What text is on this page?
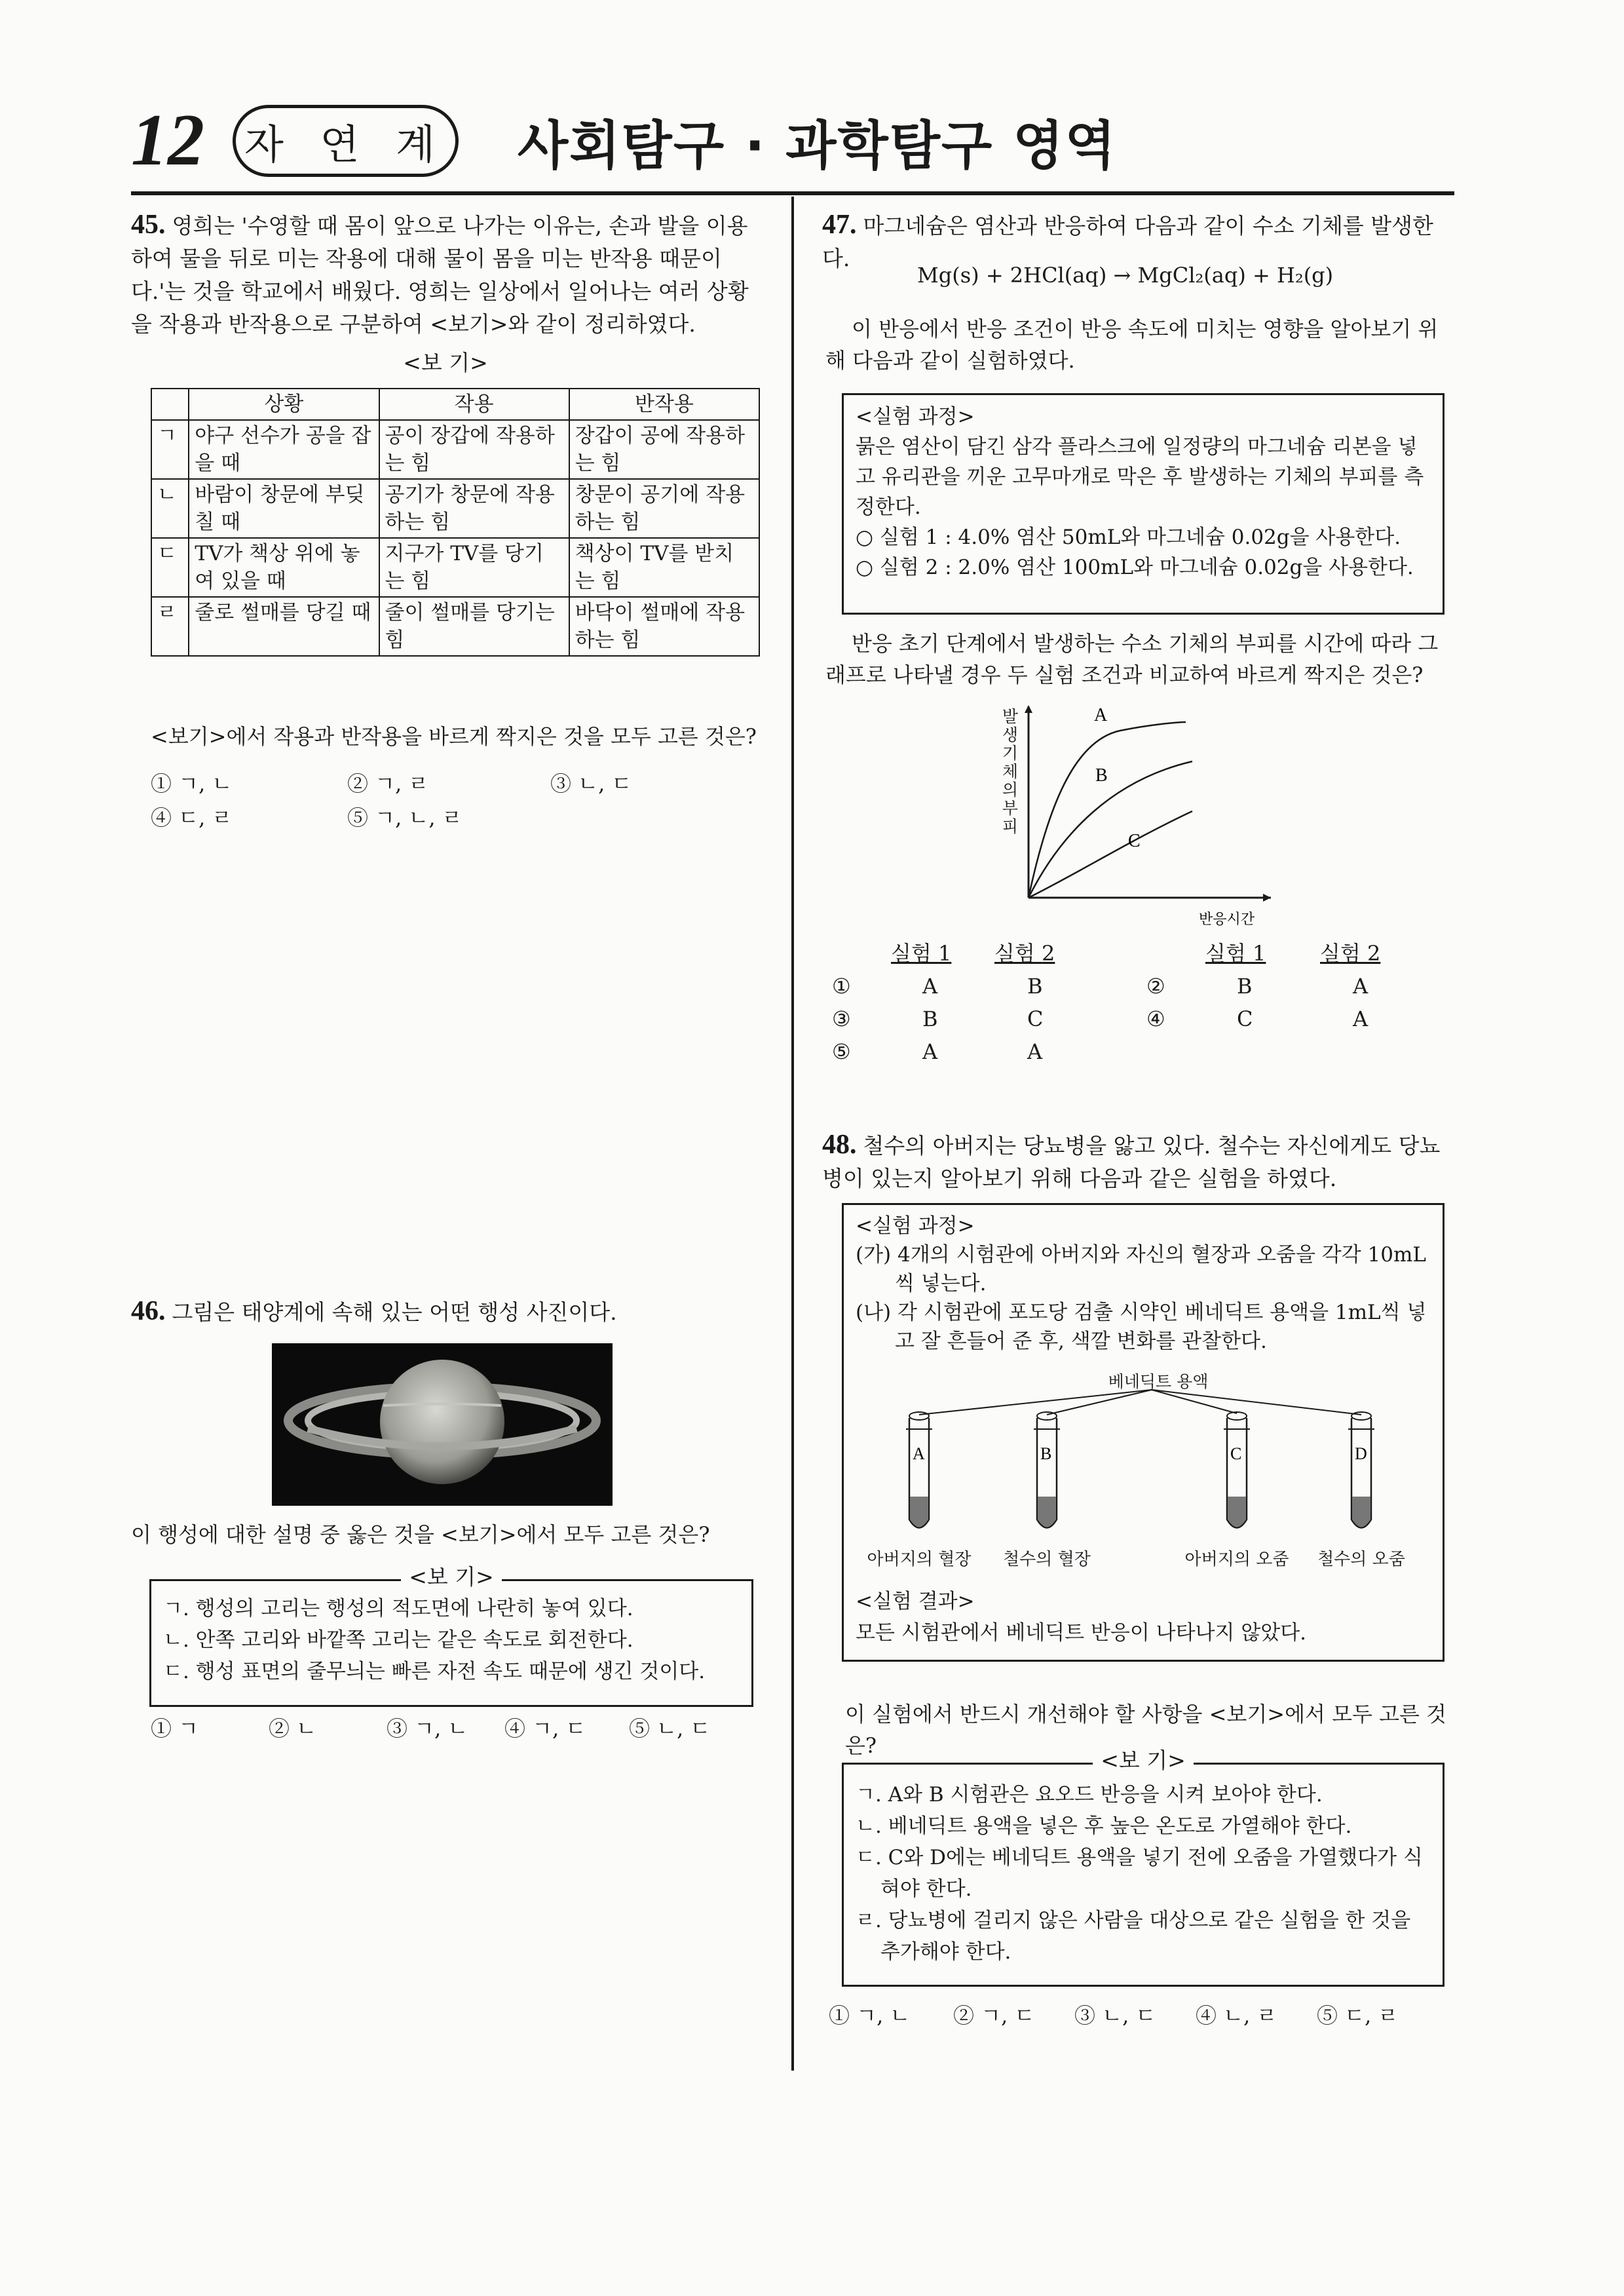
12 자 연 계 사회탐구 · 과학탐구 영역
45. 영희는 '수영할 때 몸이 앞으로 나가는 이유는, 손과 발을 이용하여 물을 뒤로 미는 작용에 대해 물이 몸을 미는 반작용 때문이다.'는 것을 학교에서 배웠다. 영희는 일상에서 일어나는 여러 상황을 작용과 반작용으로 구분하여 <보기>와 같이 정리하였다.
<보 기>
	상황	작용	반작용
ㄱ	야구 선수가 공을 잡을 때	공이 장갑에 작용하는 힘	장갑이 공에 작용하는 힘
ㄴ	바람이 창문에 부딪칠 때	공기가 창문에 작용하는 힘	창문이 공기에 작용하는 힘
ㄷ	TV가 책상 위에 놓여 있을 때	지구가 TV를 당기는 힘	책상이 TV를 받치는 힘
ㄹ	줄로 썰매를 당길 때	줄이 썰매를 당기는 힘	바닥이 썰매에 작용하는 힘
<보기>에서 작용과 반작용을 바르게 짝지은 것을 모두 고른 것은?
① ㄱ, ㄴ	② ㄱ, ㄹ	③ ㄴ, ㄷ
④ ㄷ, ㄹ	⑤ ㄱ, ㄴ, ㄹ
46. 그림은 태양계에 속해 있는 어떤 행성 사진이다.
이 행성에 대한 설명 중 옳은 것을 <보기>에서 모두 고른 것은?
<보 기>
ㄱ. 행성의 고리는 행성의 적도면에 나란히 놓여 있다.
ㄴ. 안쪽 고리와 바깥쪽 고리는 같은 속도로 회전한다.
ㄷ. 행성 표면의 줄무늬는 빠른 자전 속도 때문에 생긴 것이다.
① ㄱ	② ㄴ	③ ㄱ, ㄴ ④ ㄱ, ㄷ ⑤ ㄴ, ㄷ
47. 마그네슘은 염산과 반응하여 다음과 같이 수소 기체를 발생한다.
Mg(s) + 2HCl(aq) → MgCl₂(aq) + H₂(g)
이 반응에서 반응 조건이 반응 속도에 미치는 영향을 알아보기 위해 다음과 같이 실험하였다.
<실험 과정>
묽은 염산이 담긴 삼각 플라스크에 일정량의 마그네슘 리본을 넣고 유리관을 끼운 고무마개로 막은 후 발생하는 기체의 부피를 측정한다.
○ 실험 1 : 4.0% 염산 50mL와 마그네슘 0.02g을 사용한다.
○ 실험 2 : 2.0% 염산 100mL와 마그네슘 0.02g을 사용한다.
반응 초기 단계에서 발생하는 수소 기체의 부피를 시간에 따라 그래프로 나타낼 경우 두 실험 조건과 비교하여 바르게 짝지은 것은?
A
B
C
반응시간
발생기체의 부피
실험 1 실험 2	실험 1	실험 2
①	A	B	②	B	A
③	B	C	④	C	A
⑤	A	A
48. 철수의 아버지는 당뇨병을 앓고 있다. 철수는 자신에게도 당뇨병이 있는지 알아보기 위해 다음과 같은 실험을 하였다.
<실험 과정>
(가) 4개의 시험관에 아버지와 자신의 혈장과 오줌을 각각 10mL씩 넣는다.
(나) 각 시험관에 포도당 검출 시약인 베네딕트 용액을 1mL씩 넣고 잘 흔들어 준 후, 색깔 변화를 관찰한다.
베네딕트 용액
A	B	C	D
아버지의 혈장	철수의 혈장	아버지의 오줌	철수의 오줌
<실험 결과>
모든 시험관에서 베네딕트 반응이 나타나지 않았다.
이 실험에서 반드시 개선해야 할 사항을 <보기>에서 모두 고른 것은?
<보 기>
ㄱ. A와 B 시험관은 요오드 반응을 시켜 보아야 한다.
ㄴ. 베네딕트 용액을 넣은 후 높은 온도로 가열해야 한다.
ㄷ. C와 D에는 베네딕트 용액을 넣기 전에 오줌을 가열했다가 식혀야 한다.
ㄹ. 당뇨병에 걸리지 않은 사람을 대상으로 같은 실험을 한 것을 추가해야 한다.
① ㄱ, ㄴ ② ㄱ, ㄷ ③ ㄴ, ㄷ ④ ㄴ, ㄹ ⑤ ㄷ, ㄹ
